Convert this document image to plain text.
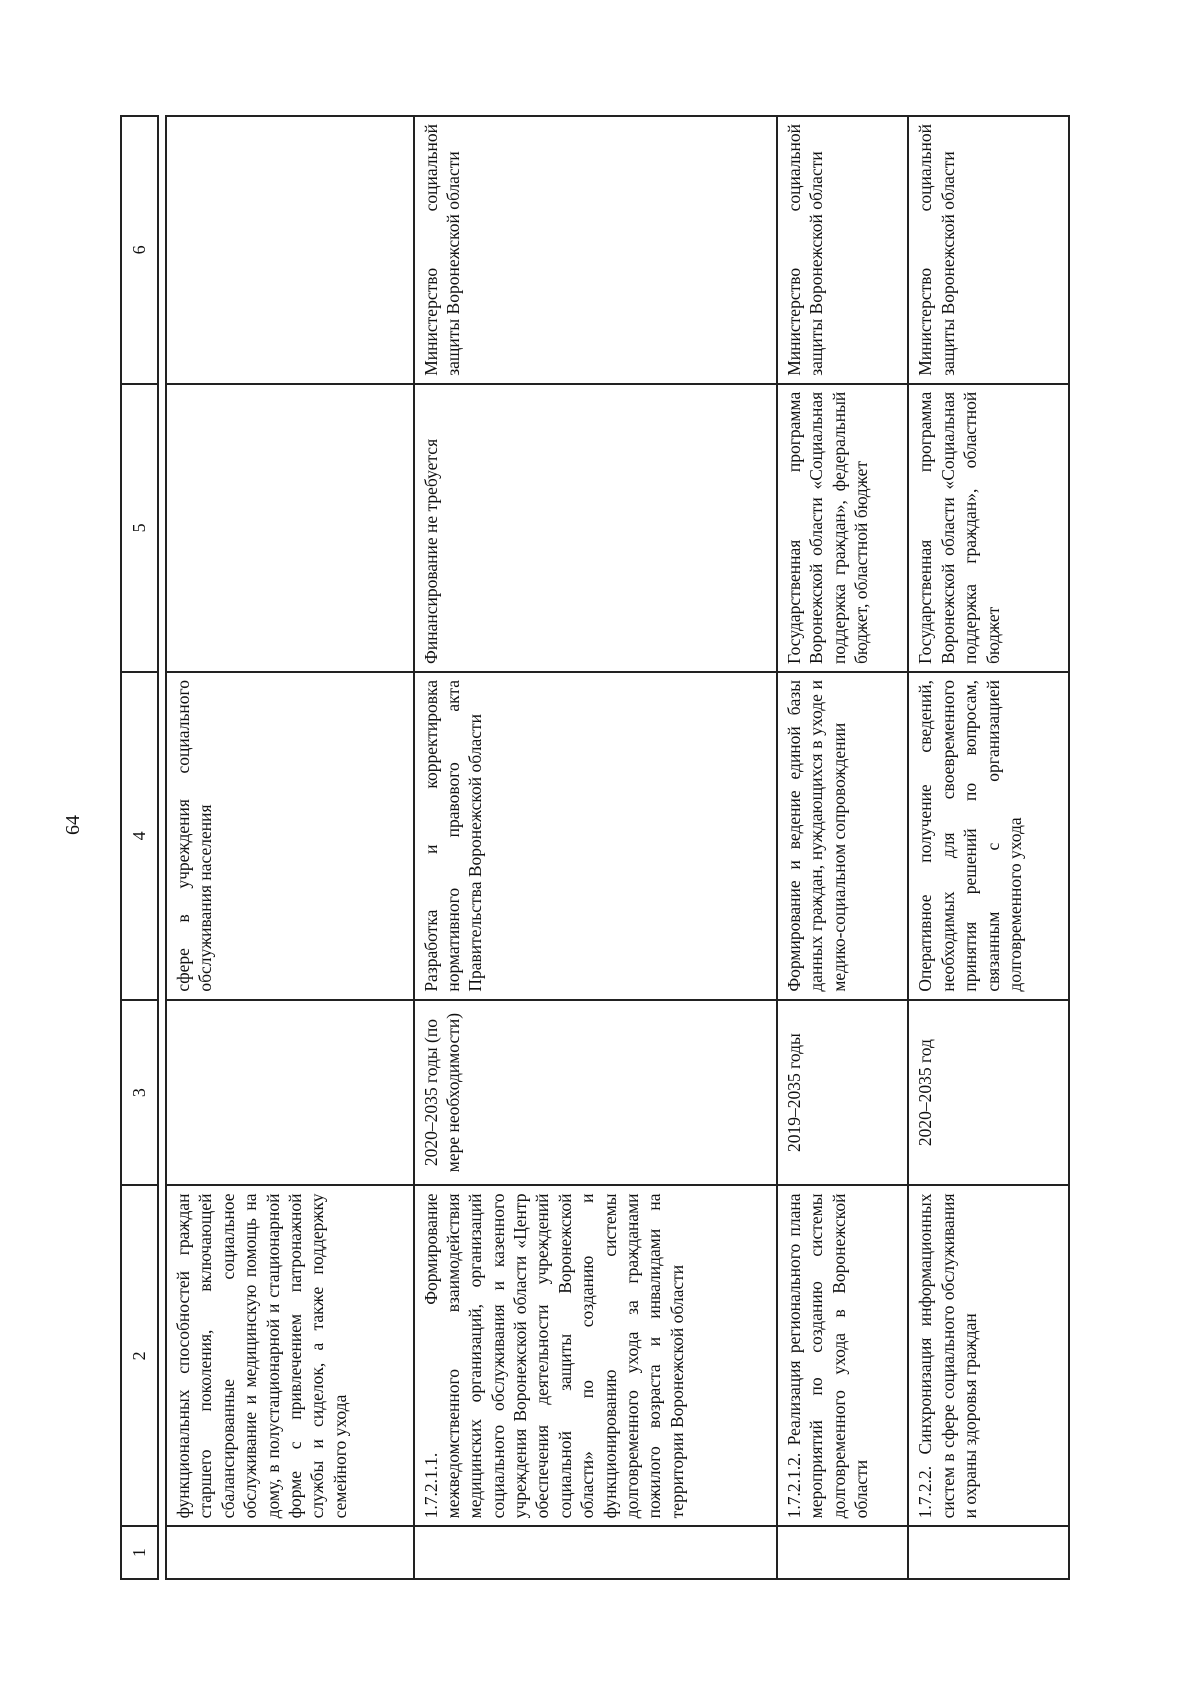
64
1	2	3	4	5	6

	функциональных способностей граждан старшего поколения, включающей сбалансированные социальное обслуживание и медицинскую помощь на дому, в полустационарной и стационарной форме с привлечением патронажной службы и сиделок, а также поддержку семейного ухода		сфере в учреждения социального обслуживания населения		
	1.7.2.1.1. Формирование межведомственного взаимодействия медицинских организаций, организаций социального обслуживания и казенного учреждения Воронежской области «Центр обеспечения деятельности учреждений социальной защиты Воронежской области» по созданию и функционированию системы долговременного ухода за гражданами пожилого возраста и инвалидами на территории Воронежской области	2020–2035 годы (по мере необходимости)	Разработка и корректировка нормативного правового акта Правительства Воронежской области	Финансирование не требуется	Министерство социальной защиты Воронежской области
	1.7.2.1.2. Реализация регионального плана мероприятий по созданию системы долговременного ухода в Воронежской области	2019–2035 годы	Формирование и ведение единой базы данных граждан, нуждающихся в уходе и медико-социальном сопровождении	Государственная программа Воронежской области «Социальная поддержка граждан», федеральный бюджет, областной бюджет	Министерство социальной защиты Воронежской области
	1.7.2.2. Синхронизация информационных систем в сфере социального обслуживания и охраны здоровья граждан	2020–2035 год	Оперативное получение сведений, необходимых для своевременного принятия решений по вопросам, связанным с организацией долговременного ухода	Государственная программа Воронежской области «Социальная поддержка граждан», областной бюджет	Министерство социальной защиты Воронежской области
